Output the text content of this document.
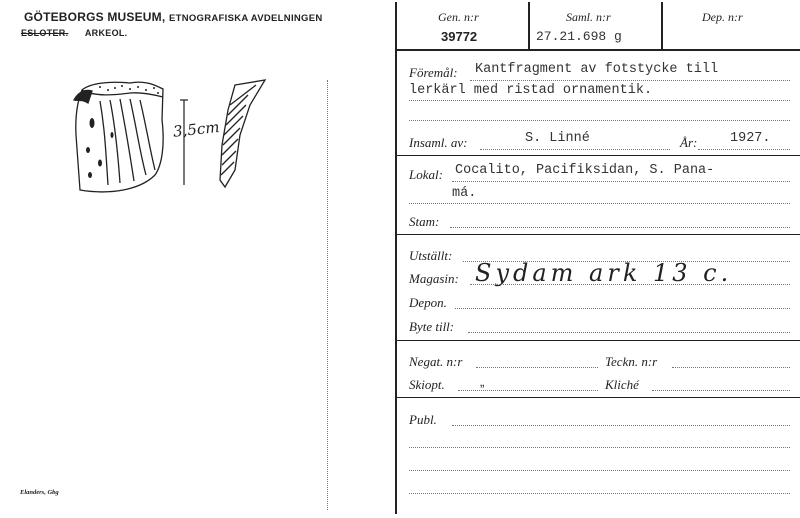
GÖTEBORGS MUSEUM, ETNOGRAFISKA AVDELNINGEN
ESLOTER. ARKEOL.
3,5cm
Elanders, Gbg
Gen. n:r
39772
Saml. n:r
27.21.698 g
Dep. n:r
Föremål: Kantfragment av fotstycke till
lerkärl med ristad ornamentik.
Insaml. av:	S. Linné	År: 1927.
Lokal: Cocalito, Pacifiksidan, S. Pana-
má.
Stam:
Utställt:
Magasin: Sydam ark 13 c.
Depon.
Byte till:
Negat. n:r	Teckn. n:r
Skiopt.	„	Kliché
Publ.
